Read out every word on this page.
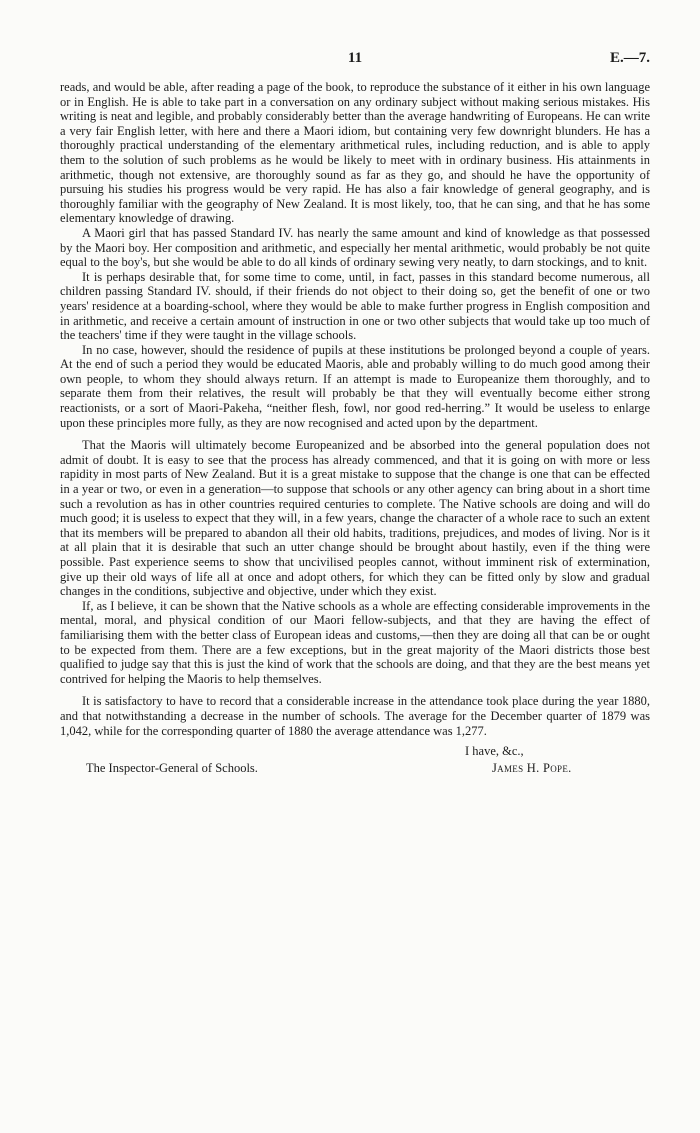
11	E.—7.

reads, and would be able, after reading a page of the book, to reproduce the substance of it either in his own language or in English. He is able to take part in a conversation on any ordinary subject without making serious mistakes. His writing is neat and legible, and probably considerably better than the average handwriting of Europeans. He can write a very fair English letter, with here and there a Maori idiom, but containing very few downright blunders. He has a thoroughly practical understanding of the elementary arithmetical rules, including reduction, and is able to apply them to the solution of such problems as he would be likely to meet with in ordinary business. His attainments in arithmetic, though not extensive, are thoroughly sound as far as they go, and should he have the opportunity of pursuing his studies his progress would be very rapid. He has also a fair knowledge of general geography, and is thoroughly familiar with the geography of New Zealand. It is most likely, too, that he can sing, and that he has some elementary knowledge of drawing.

A Maori girl that has passed Standard IV. has nearly the same amount and kind of knowledge as that possessed by the Maori boy. Her composition and arithmetic, and especially her mental arithmetic, would probably be not quite equal to the boy's, but she would be able to do all kinds of ordinary sewing very neatly, to darn stockings, and to knit.

It is perhaps desirable that, for some time to come, until, in fact, passes in this standard become numerous, all children passing Standard IV. should, if their friends do not object to their doing so, get the benefit of one or two years' residence at a boarding-school, where they would be able to make further progress in English composition and in arithmetic, and receive a certain amount of instruction in one or two other subjects that would take up too much of the teachers' time if they were taught in the village schools.

In no case, however, should the residence of pupils at these institutions be prolonged beyond a couple of years. At the end of such a period they would be educated Maoris, able and probably willing to do much good among their own people, to whom they should always return. If an attempt is made to Europeanize them thoroughly, and to separate them from their relatives, the result will probably be that they will eventually become either strong reactionists, or a sort of Maori-Pakeha, “neither flesh, fowl, nor good red-herring.” It would be useless to enlarge upon these principles more fully, as they are now recognised and acted upon by the department.

That the Maoris will ultimately become Europeanized and be absorbed into the general population does not admit of doubt. It is easy to see that the process has already commenced, and that it is going on with more or less rapidity in most parts of New Zealand. But it is a great mistake to suppose that the change is one that can be effected in a year or two, or even in a generation—to suppose that schools or any other agency can bring about in a short time such a revolution as has in other countries required centuries to complete. The Native schools are doing and will do much good; it is useless to expect that they will, in a few years, change the character of a whole race to such an extent that its members will be prepared to abandon all their old habits, traditions, prejudices, and modes of living. Nor is it at all plain that it is desirable that such an utter change should be brought about hastily, even if the thing were possible. Past experience seems to show that uncivilised peoples cannot, without imminent risk of extermination, give up their old ways of life all at once and adopt others, for which they can be fitted only by slow and gradual changes in the conditions, subjective and objective, under which they exist.

If, as I believe, it can be shown that the Native schools as a whole are effecting considerable improvements in the mental, moral, and physical condition of our Maori fellow-subjects, and that they are having the effect of familiarising them with the better class of European ideas and customs,—then they are doing all that can be or ought to be expected from them. There are a few exceptions, but in the great majority of the Maori districts those best qualified to judge say that this is just the kind of work that the schools are doing, and that they are the best means yet contrived for helping the Maoris to help themselves.

It is satisfactory to have to record that a considerable increase in the attendance took place during the year 1880, and that notwithstanding a decrease in the number of schools. The average for the December quarter of 1879 was 1,042, while for the corresponding quarter of 1880 the average attendance was 1,277.

I have, &c.,
The Inspector-General of Schools.	James H. Pope.
